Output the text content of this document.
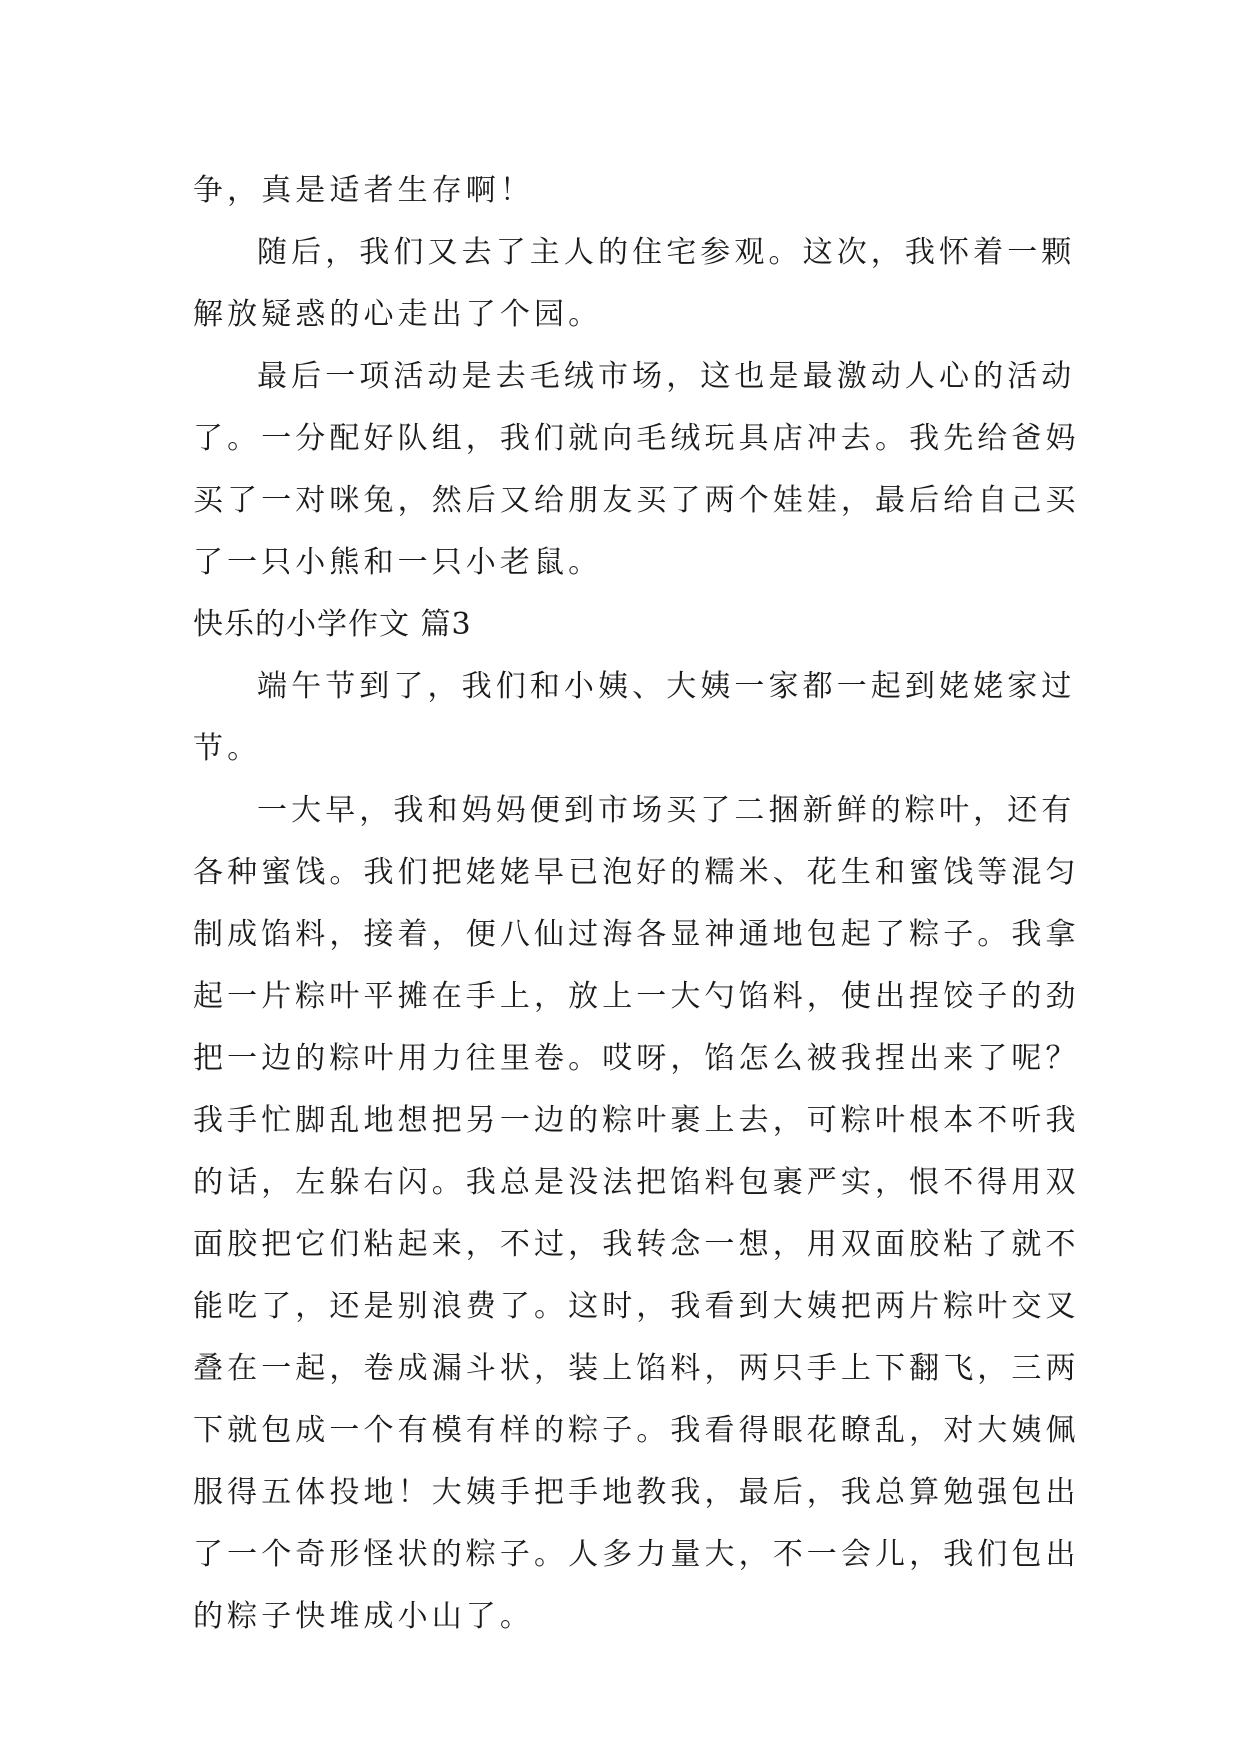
争，真是适者生存啊！
随后，我们又去了主人的住宅参观。这次，我怀着一颗
解放疑惑的心走出了个园。
最后一项活动是去毛绒市场，这也是最激动人心的活动
了。一分配好队组，我们就向毛绒玩具店冲去。我先给爸妈
买了一对咪兔，然后又给朋友买了两个娃娃，最后给自己买
了一只小熊和一只小老鼠。
快乐的小学作文 篇3
端午节到了，我们和小姨、大姨一家都一起到姥姥家过
节。
一大早，我和妈妈便到市场买了二捆新鲜的粽叶，还有
各种蜜饯。我们把姥姥早已泡好的糯米、花生和蜜饯等混匀
制成馅料，接着，便八仙过海各显神通地包起了粽子。我拿
起一片粽叶平摊在手上，放上一大勺馅料，使出捏饺子的劲
把一边的粽叶用力往里卷。哎呀，馅怎么被我捏出来了呢？
我手忙脚乱地想把另一边的粽叶裹上去，可粽叶根本不听我
的话，左躲右闪。我总是没法把馅料包裹严实，恨不得用双
面胶把它们粘起来，不过，我转念一想，用双面胶粘了就不
能吃了，还是别浪费了。这时，我看到大姨把两片粽叶交叉
叠在一起，卷成漏斗状，装上馅料，两只手上下翻飞，三两
下就包成一个有模有样的粽子。我看得眼花瞭乱，对大姨佩
服得五体投地！大姨手把手地教我，最后，我总算勉强包出
了一个奇形怪状的粽子。人多力量大，不一会儿，我们包出
的粽子快堆成小山了。
